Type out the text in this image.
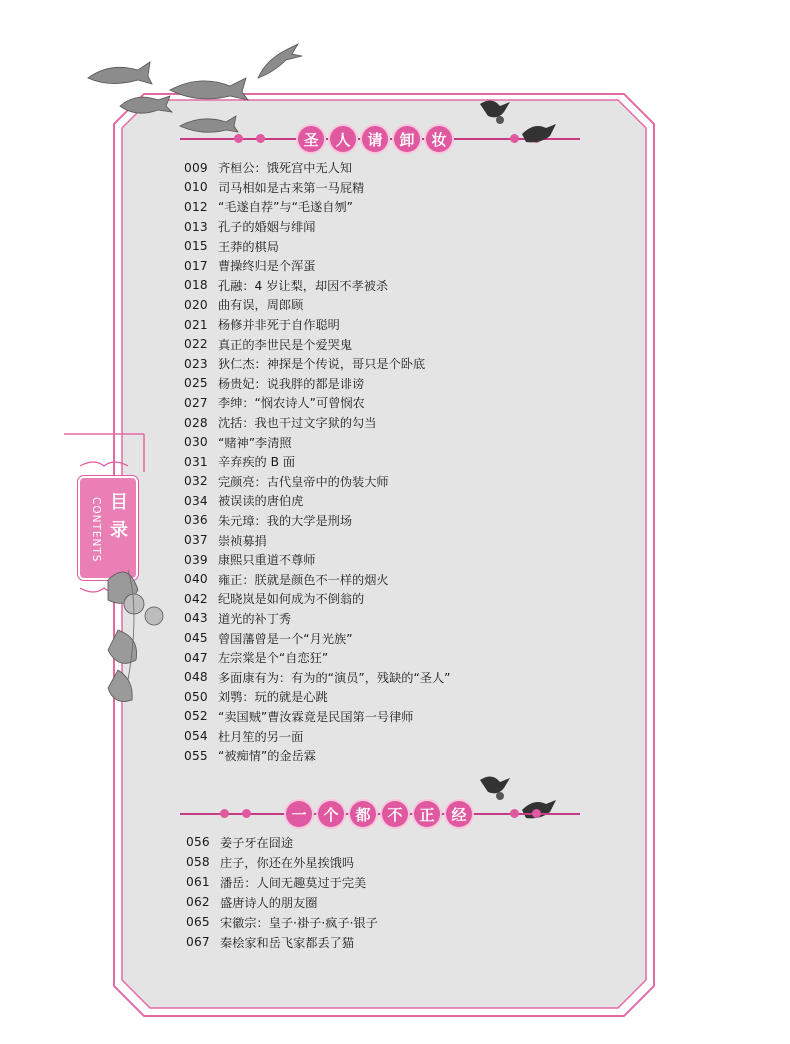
圣	人	请	卸	妆
009 齐桓公：饿死宫中无人知
010 司马相如是古来第一马屁精
012 “毛遂自荐”与“毛遂自刎”
013 孔子的婚姻与绯闻
015 王莽的棋局
017 曹操终归是个浑蛋
018 孔融：4 岁让梨，却因不孝被杀
020 曲有误，周郎顾
021 杨修并非死于自作聪明
022 真正的李世民是个爱哭鬼
023 狄仁杰：神探是个传说，哥只是个卧底
025 杨贵妃：说我胖的都是诽谤
027 李绅：“悯农诗人”可曾悯农
028 沈括：我也干过文字狱的勾当
030 “赌神”李清照
031 辛弃疾的 B 面
032 完颜亮：古代皇帝中的伪装大师
034 被误读的唐伯虎
036 朱元璋：我的大学是刑场
037 崇祯募捐
039 康熙只重道不尊师
040 雍正：朕就是颜色不一样的烟火
042 纪晓岚是如何成为不倒翁的
043 道光的补丁秀
045 曾国藩曾是一个“月光族”
047 左宗棠是个“自恋狂”
048 多面康有为：有为的“演员”，残缺的“圣人”
050 刘鹗：玩的就是心跳
052 “卖国贼”曹汝霖竟是民国第一号律师
054 杜月笙的另一面
055 “被痴情”的金岳霖
一	个	都	不	正	经
056 姜子牙在囧途
058 庄子，你还在外星挨饿吗
061 潘岳：人间无趣莫过于完美
062 盛唐诗人的朋友圈
065 宋徽宗：皇子·褂子·疯子·银子
067 秦桧家和岳飞家都丢了猫
CONTENTS 目录
